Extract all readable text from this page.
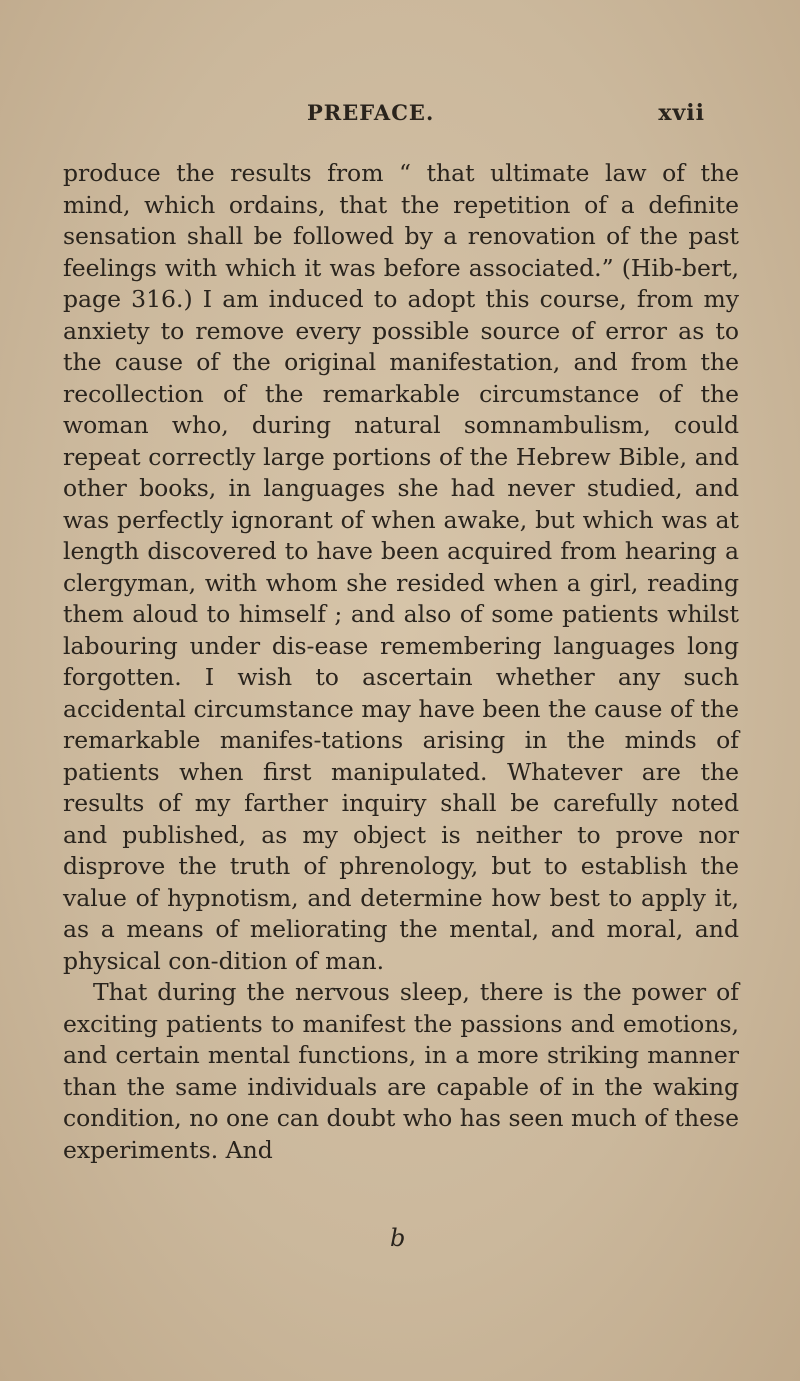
PREFACE.	xvii

produce the results from “ that ultimate law of the mind, which ordains, that the repetition of a definite sensation shall be followed by a renovation of the past feelings with which it was before associated.” (Hib-bert, page 316.) I am induced to adopt this course, from my anxiety to remove every possible source of error as to the cause of the original manifestation, and from the recollection of the remarkable circumstance of the woman who, during natural somnambulism, could repeat correctly large portions of the Hebrew Bible, and other books, in languages she had never studied, and was perfectly ignorant of when awake, but which was at length discovered to have been acquired from hearing a clergyman, with whom she resided when a girl, reading them aloud to himself ; and also of some patients whilst labouring under dis-ease remembering languages long forgotten. I wish to ascertain whether any such accidental circumstance may have been the cause of the remarkable manifes-tations arising in the minds of patients when first manipulated. Whatever are the results of my farther inquiry shall be carefully noted and published, as my object is neither to prove nor disprove the truth of phrenology, but to establish the value of hypnotism, and determine how best to apply it, as a means of meliorating the mental, and moral, and physical con-dition of man.

That during the nervous sleep, there is the power of exciting patients to manifest the passions and emotions, and certain mental functions, in a more striking manner than the same individuals are capable of in the waking condition, no one can doubt who has seen much of these experiments. And

b
